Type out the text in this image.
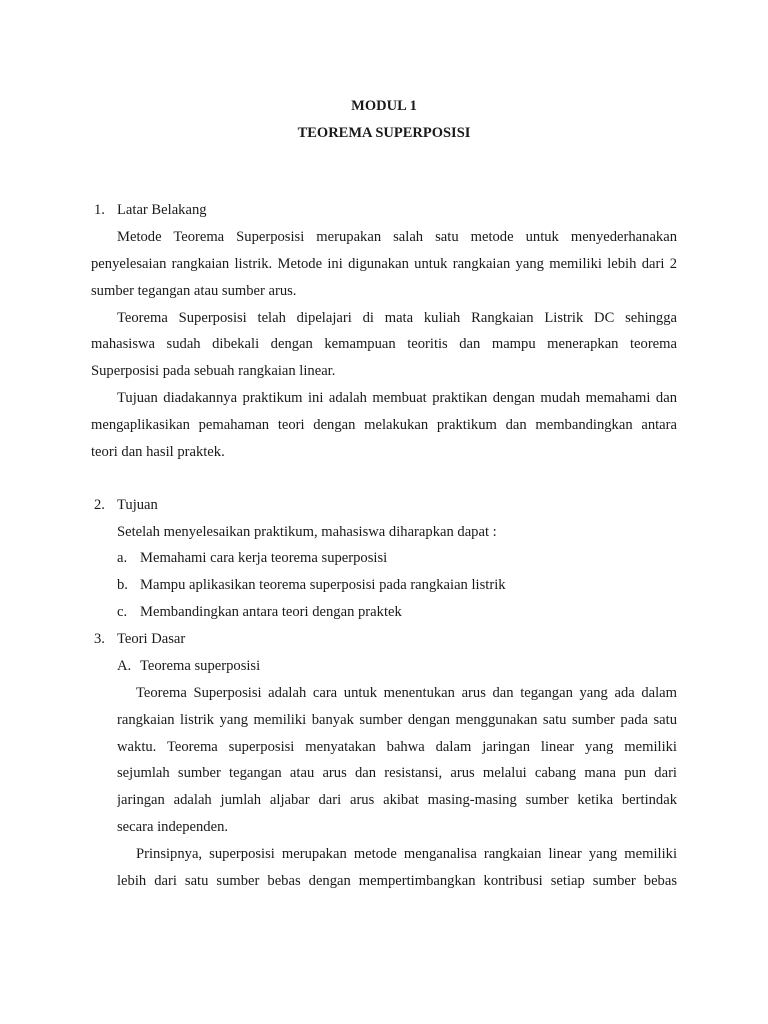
MODUL 1
TEOREMA SUPERPOSISI
1. Latar Belakang
Metode Teorema Superposisi merupakan salah satu metode untuk menyederhanakan
penyelesaian rangkaian listrik. Metode ini digunakan untuk rangkaian yang memiliki lebih dari 2
sumber tegangan atau sumber arus.
Teorema Superposisi telah dipelajari di mata kuliah Rangkaian Listrik DC sehingga
mahasiswa sudah dibekali dengan kemampuan teoritis dan mampu menerapkan teorema
Superposisi pada sebuah rangkaian linear.
Tujuan diadakannya praktikum ini adalah membuat praktikan dengan mudah memahami dan
mengaplikasikan pemahaman teori dengan melakukan praktikum dan membandingkan antara
teori dan hasil praktek.
2. Tujuan
Setelah menyelesaikan praktikum, mahasiswa diharapkan dapat :
a. Memahami cara kerja teorema superposisi
b. Mampu aplikasikan teorema superposisi pada rangkaian listrik
c. Membandingkan antara teori dengan praktek
3. Teori Dasar
A. Teorema superposisi
Teorema Superposisi adalah cara untuk menentukan arus dan tegangan yang ada dalam
rangkaian listrik yang memiliki banyak sumber dengan menggunakan satu sumber pada satu
waktu. Teorema superposisi menyatakan bahwa dalam jaringan linear yang memiliki
sejumlah sumber tegangan atau arus dan resistansi, arus melalui cabang mana pun dari
jaringan adalah jumlah aljabar dari arus akibat masing-masing sumber ketika bertindak
secara independen.
Prinsipnya, superposisi merupakan metode menganalisa rangkaian linear yang memiliki
lebih dari satu sumber bebas dengan mempertimbangkan kontribusi setiap sumber bebas
